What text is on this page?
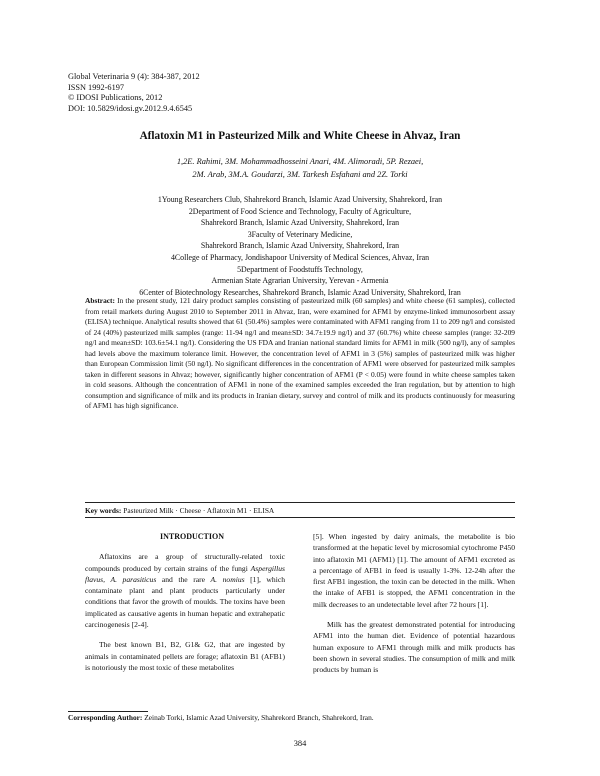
Global Veterinaria 9 (4): 384-387, 2012
ISSN 1992-6197
© IDOSI Publications, 2012
DOI: 10.5829/idosi.gv.2012.9.4.6545
Aflatoxin M1 in Pasteurized Milk and White Cheese in Ahvaz, Iran
1,2E. Rahimi, 3M. Mohammadhosseini Anari, 4M. Alimoradi, 5P. Rezaei,
2M. Arab, 3M.A. Goudarzi, 3M. Tarkesh Esfahani and 2Z. Torki
1Young Researchers Club, Shahrekord Branch, Islamic Azad University, Shahrekord, Iran
2Department of Food Science and Technology, Faculty of Agriculture,
Shahrekord Branch, Islamic Azad University, Shahrekord, Iran
3Faculty of Veterinary Medicine,
Shahrekord Branch, Islamic Azad University, Shahrekord, Iran
4College of Pharmacy, Jondishapoor University of Medical Sciences, Ahvaz, Iran
5Department of Foodstuffs Technology,
Armenian State Agrarian University, Yerevan - Armenia
6Center of Biotechnology Researches, Shahrekord Branch, Islamic Azad University, Shahrekord, Iran
Abstract: In the present study, 121 dairy product samples consisting of pasteurized milk (60 samples) and white cheese (61 samples), collected from retail markets during August 2010 to September 2011 in Ahvaz, Iran, were examined for AFM1 by enzyme-linked immunosorbent assay (ELISA) technique. Analytical results showed that 61 (50.4%) samples were contaminated with AFM1 ranging from 11 to 209 ng/l and consisted of 24 (40%) pasteurized milk samples (range: 11-94 ng/l and mean±SD: 34.7±19.9 ng/l) and 37 (60.7%) white cheese samples (range: 32-209 ng/l and mean±SD: 103.6±54.1 ng/l). Considering the US FDA and Iranian national standard limits for AFM1 in milk (500 ng/l), any of samples had levels above the maximum tolerance limit. However, the concentration level of AFM1 in 3 (5%) samples of pasteurized milk was higher than European Commission limit (50 ng/l). No significant differences in the concentration of AFM1 were observed for pasteurized milk samples taken in different seasons in Ahvaz; however, significantly higher concentration of AFM1 (P < 0.05) were found in white cheese samples taken in cold seasons. Although the concentration of AFM1 in none of the examined samples exceeded the Iran regulation, but by attention to high consumption and significance of milk and its products in Iranian dietary, survey and control of milk and its products continuously for measuring of AFM1 has high significance.
Key words: Pasteurized Milk · Cheese · Aflatoxin M1 · ELISA

INTRODUCTION

Aflatoxins are a group of structurally-related toxic compounds produced by certain strains of the fungi Aspergillus flavus, A. parasiticus and the rare A. nomius [1], which contaminate plant and plant products particularly under conditions that favor the growth of moulds. The toxins have been implicated as causative agents in human hepatic and extrahepatic carcinogenesis [2-4].

The best known B1, B2, G1& G2, that are ingested by animals in contaminated pellets are forage; aflatoxin B1 (AFB1) is notoriously the most toxic of these metabolites

[5]. When ingested by dairy animals, the metabolite is bio transformed at the hepatic level by microsomial cytochrome P450 into aflatoxin M1 (AFM1) [1]. The amount of AFM1 excreted as a percentage of AFB1 in feed is usually 1-3%. 12-24h after the first AFB1 ingestion, the toxin can be detected in the milk. When the intake of AFB1 is stopped, the AFM1 concentration in the milk decreases to an undetectable level after 72 hours [1].

Milk has the greatest demonstrated potential for introducing AFM1 into the human diet. Evidence of potential hazardous human exposure to AFM1 through milk and milk products has been shown in several studies. The consumption of milk and milk products by human is

Corresponding Author: Zeinab Torki, Islamic Azad University, Shahrekord Branch, Shahrekord, Iran.
384
